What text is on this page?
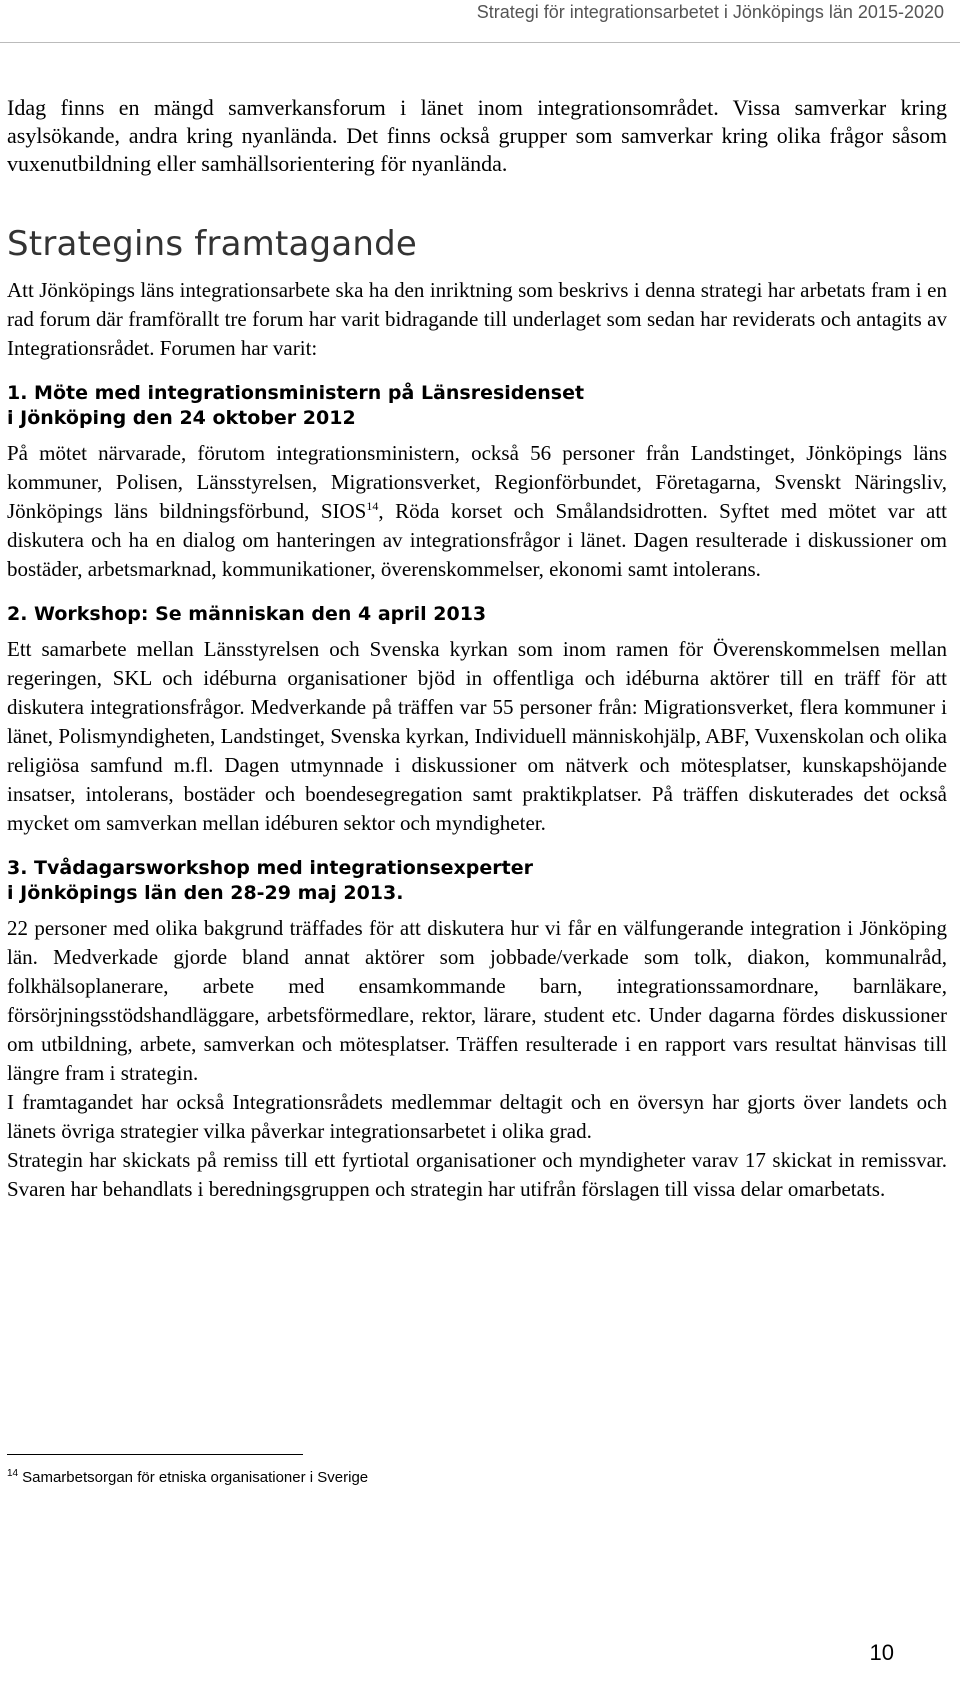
Strategi för integrationsarbetet i Jönköpings län 2015-2020

Idag finns en mängd samverkansforum i länet inom integrationsområdet. Vissa samverkar kring asylsökande, andra kring nyanlända. Det finns också grupper som samverkar kring olika frågor såsom vuxenutbildning eller samhällsorientering för nyanlända.

Strategins framtagande

Att Jönköpings läns integrationsarbete ska ha den inriktning som beskrivs i denna strategi har arbetats fram i en rad forum där framförallt tre forum har varit bidragande till underlaget som sedan har reviderats och antagits av Integrationsrådet. Forumen har varit:

1. Möte med integrationsministern på Länsresidenset
i Jönköping den 24 oktober 2012

På mötet närvarade, förutom integrationsministern, också 56 personer från Landstinget, Jönköpings läns kommuner, Polisen, Länsstyrelsen, Migrationsverket, Regionförbundet, Företagarna, Svenskt Näringsliv, Jönköpings läns bildningsförbund, SIOS$^{14}$, Röda korset och Smålandsidrotten. Syftet med mötet var att diskutera och ha en dialog om hanteringen av integrationsfrågor i länet. Dagen resulterade i diskussioner om bostäder, arbetsmarknad, kommunikationer, överenskommelser, ekonomi samt intolerans.

2. Workshop: Se människan den 4 april 2013

Ett samarbete mellan Länsstyrelsen och Svenska kyrkan som inom ramen för Överenskommelsen mellan regeringen, SKL och idéburna organisationer bjöd in offentliga och idéburna aktörer till en träff för att diskutera integrationsfrågor. Medverkande på träffen var 55 personer från: Migrationsverket, flera kommuner i länet, Polismyndigheten, Landstinget, Svenska kyrkan, Individuell människohjälp, ABF, Vuxenskolan och olika religiösa samfund m.fl. Dagen utmynnade i diskussioner om nätverk och mötesplatser, kunskapshöjande insatser, intolerans, bostäder och boendesegregation samt praktikplatser. På träffen diskuterades det också mycket om samverkan mellan idéburen sektor och myndigheter.

3. Tvådagarsworkshop med integrationsexperter
i Jönköpings län den 28-29 maj 2013.

22 personer med olika bakgrund träffades för att diskutera hur vi får en välfungerande integration i Jönköping län. Medverkade gjorde bland annat aktörer som jobbade/verkade som tolk, diakon, kommunalråd, folkhälsoplanerare, arbete med ensamkommande barn, integrationssamordnare, barnläkare, försörjningsstödshandläggare, arbetsförmedlare, rektor, lärare, student etc. Under dagarna fördes diskussioner om utbildning, arbete, samverkan och mötesplatser. Träffen resulterade i en rapport vars resultat hänvisas till längre fram i strategin.

I framtagandet har också Integrationsrådets medlemmar deltagit och en översyn har gjorts över landets och länets övriga strategier vilka påverkar integrationsarbetet i olika grad.

Strategin har skickats på remiss till ett fyrtiotal organisationer och myndigheter varav 17 skickat in remissvar. Svaren har behandlats i beredningsgruppen och strategin har utifrån förslagen till vissa delar omarbetats.

$^{14}$ Samarbetsorgan för etniska organisationer i Sverige
10
